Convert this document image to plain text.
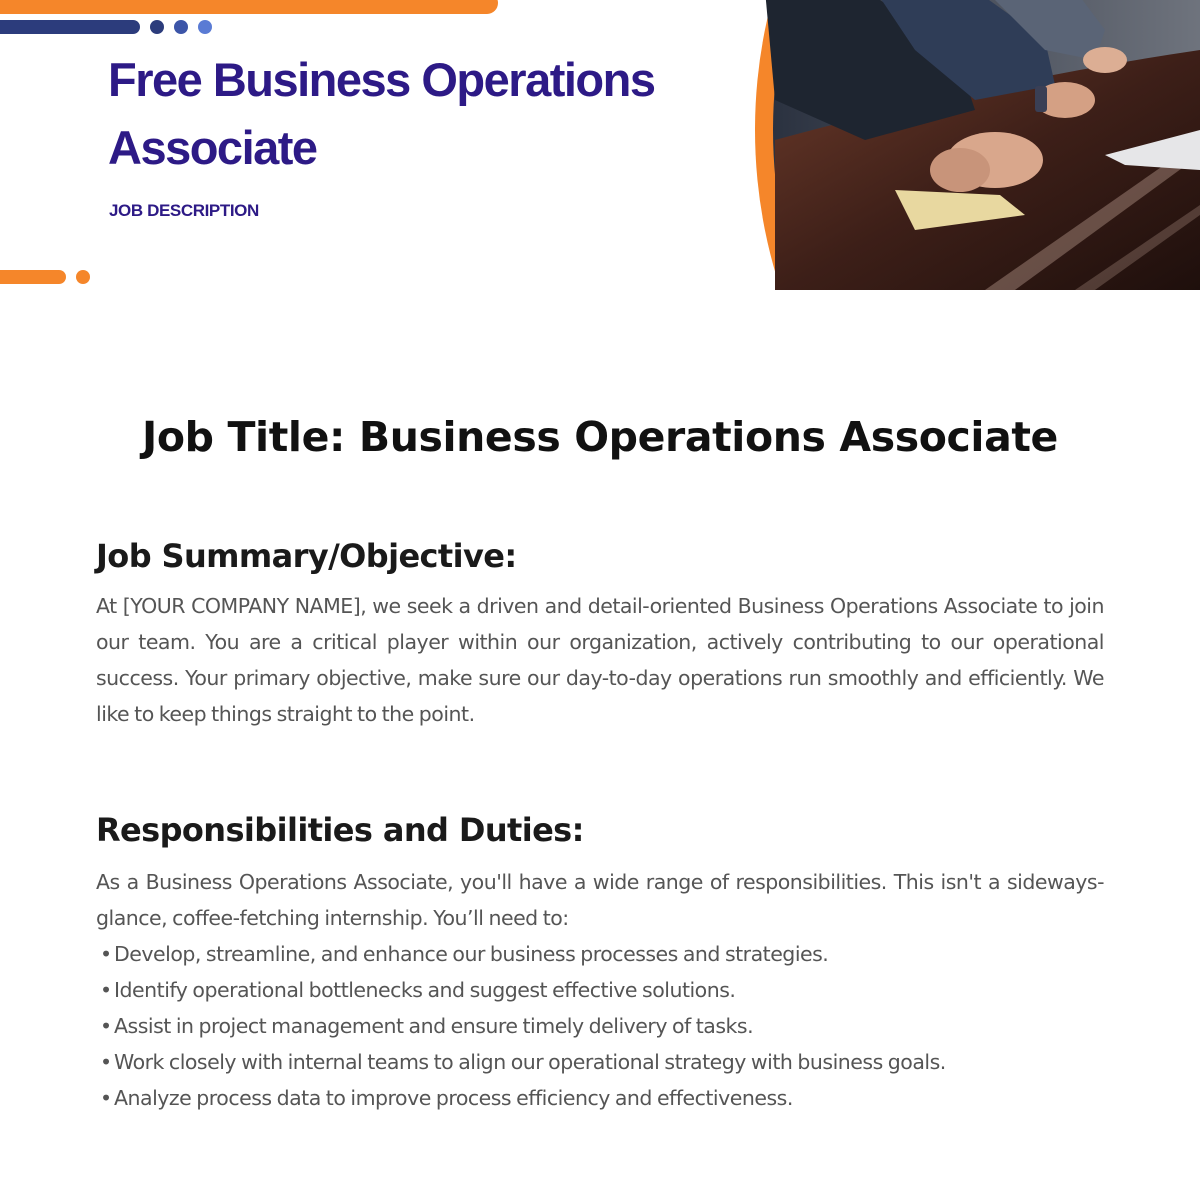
Free Business Operations
Associate

JOB DESCRIPTION

Job Title: Business Operations Associate
Job Summary/Objective:

At [YOUR COMPANY NAME], we seek a driven and detail-oriented Business Operations Associate to join our team. You are a critical player within our organization, actively contributing to our operational success. Your primary objective, make sure our day-to-day operations run smoothly and efficiently. We like to keep things straight to the point.

Responsibilities and Duties:

As a Business Operations Associate, you'll have a wide range of responsibilities. This isn't a sideways-glance, coffee-fetching internship. You’ll need to:

• Develop, streamline, and enhance our business processes and strategies.
• Identify operational bottlenecks and suggest effective solutions.
• Assist in project management and ensure timely delivery of tasks.
• Work closely with internal teams to align our operational strategy with business goals.
• Analyze process data to improve process efficiency and effectiveness.
